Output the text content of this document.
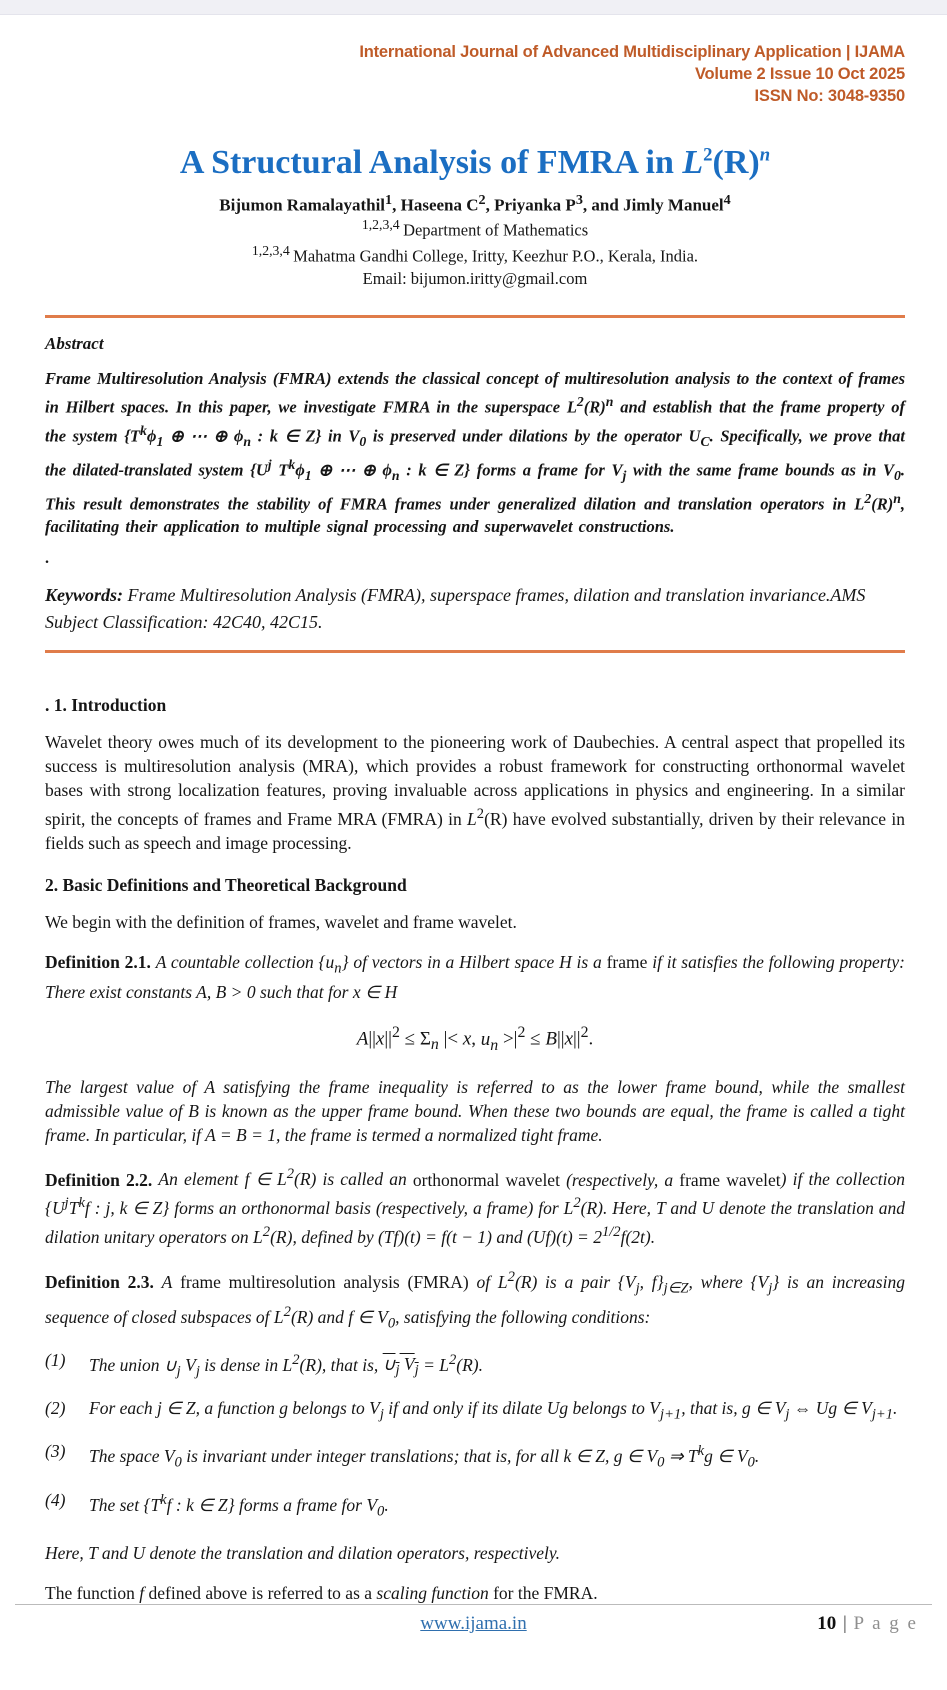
International Journal of Advanced Multidisciplinary Application | IJAMA
Volume 2 Issue 10 Oct 2025
ISSN No: 3048-9350
A Structural Analysis of FMRA in $L^2(R)^n$
Bijumon Ramalayathil$^1$, Haseena $C^2$, Priyanka $P^3$, and Jimly Manuel$^4$
$^{1,2,3,4}$ Department of Mathematics
$^{1,2,3,4}$ Mahatma Gandhi College, Iritty, Keezhur P.O., Kerala, India.
Email: bijumon.iritty@gmail.com
Abstract
Frame Multiresolution Analysis (FMRA) extends the classical concept of multiresolution analysis to the context of frames in Hilbert spaces. In this paper, we investigate FMRA in the superspace $L^2(R)^n$ and establish that the frame property of the system {$T^k\phi_1$ ⊕ ⋯ ⊕ $\phi_n$ : k ∈ Z} in $V_0$ is preserved under dilations by the operator $U_C$. Specifically, we prove that the dilated-translated system {$U^j$ $T^k\phi_1$ ⊕ ⋯ ⊕ $\phi_n$ : k ∈ Z} forms a frame for $V_j$ with the same frame bounds as in $V_0$. This result demonstrates the stability of FMRA frames under generalized dilation and translation operators in $L^2(R)^n$, facilitating their application to multiple signal processing and superwavelet constructions.
.
Keywords: Frame Multiresolution Analysis (FMRA), superspace frames, dilation and translation invariance.AMS Subject Classification: 42C40, 42C15.
. 1. Introduction
Wavelet theory owes much of its development to the pioneering work of Daubechies. A central aspect that propelled its success is multiresolution analysis (MRA), which provides a robust framework for constructing orthonormal wavelet bases with strong localization features, proving invaluable across applications in physics and engineering. In a similar spirit, the concepts of frames and Frame MRA (FMRA) in $L^2(R)$ have evolved substantially, driven by their relevance in fields such as speech and image processing.
2. Basic Definitions and Theoretical Background
We begin with the definition of frames, wavelet and frame wavelet.
Definition 2.1. A countable collection $\{u_n\}$ of vectors in a Hilbert space H is a frame if it satisfies the following property: There exist constants A, B > 0 such that for x ∈ H
$A||x||^2 \le \Sigma_n$ |< x, $u_n >|^2 \le B||x||^2$.
The largest value of A satisfying the frame inequality is referred to as the lower frame bound, while the smallest admissible value of B is known as the upper frame bound. When these two bounds are equal, the frame is called a tight frame. In particular, if A = B = 1, the frame is termed a normalized tight frame.
Definition 2.2. An element f ∈ $L^2(R)$ is called an orthonormal wavelet (respectively, a frame wavelet) if the collection {$U^jT^kf$ : j, k ∈ Z} forms an orthonormal basis (respectively, a frame) for $L^2(R)$. Here, T and U denote the translation and dilation unitary operators on $L^2(R)$, defined by (Tf)(t) = f(t − 1) and $(Uf)(t) = 2^{1/2}f(2t)$.
Definition 2.3. A frame multiresolution analysis (FMRA) of $L^2(R)$ is a pair {$V_j$, $f\}_{j\in Z}$, where $\{V_j\}$ is an increasing sequence of closed subspaces of $L^2(R)$ and f ∈ $V_0$, satisfying the following conditions:
(1)	The union $\cup_j$ $V_j$ is dense in $L^2(R)$, that is, $\cup_j$ $V_j = L^2(R)$.
(2)	For each j ∈ Z, a function g belongs to $V_j$ if and only if its dilate Ug belongs to $V_{j+1}$, that is, g ∈ $V_j$ ⇔ Ug ∈ $V_{j+1}$.
(3)	The space $V_0$ is invariant under integer translations; that is, for all k ∈ Z, g ∈ $V_0$ ⇒ $T^kg$ ∈ $V_0$.
(4)	The set {$T^kf$ : k ∈ Z} forms a frame for $V_0$.
Here, T and U denote the translation and dilation operators, respectively.
The function f defined above is referred to as a scaling function for the FMRA.
www.ijama.in	10 | P a g e
